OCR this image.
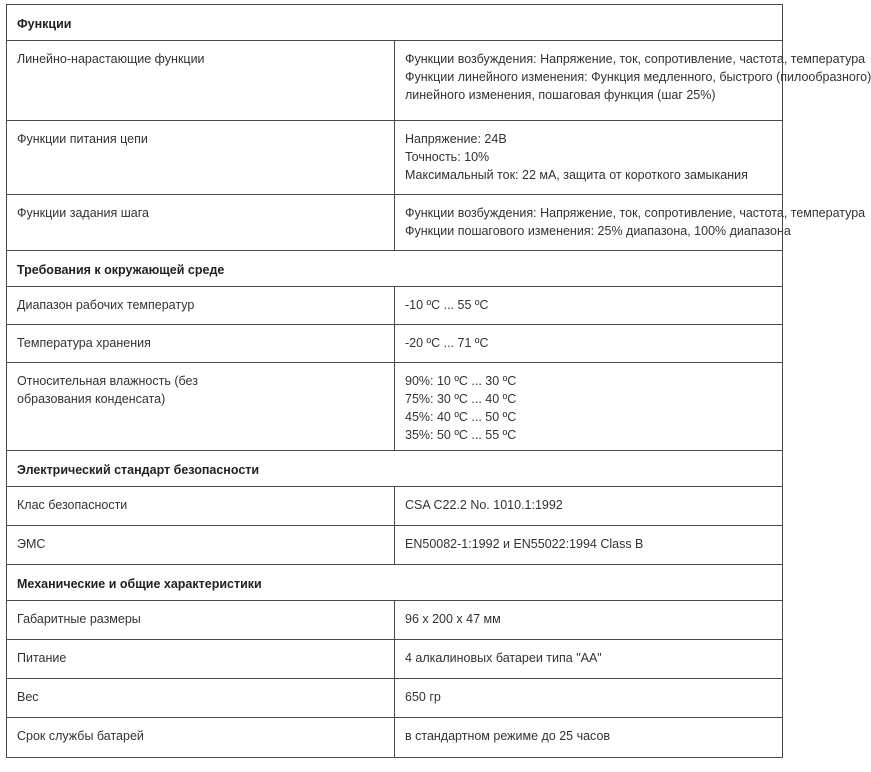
Функции	

Линейно-нарастающие функции	Функции возбуждения: Напряжение, ток, сопротивление, частота, температура
Функции линейного изменения: Функция медленного, быстрого (пилообразного)
линейного изменения, пошаговая функция (шаг 25%)

Функции питания цепи	Напряжение: 24В
Точность: 10%
Максимальный ток: 22 мА, защита от короткого замыкания

Функции задания шага	Функции возбуждения: Напряжение, ток, сопротивление, частота, температура
Функции пошагового изменения: 25% диапазона, 100% диапазона

Требования к окружающей среде	

Диапазон рабочих температур	-10 ºC ... 55 ºC

Температура хранения	-20 ºC ... 71 ºC

Относительная влажность (без
образования конденсата)	90%: 10 ºC ... 30 ºC
75%: 30 ºC ... 40 ºC
45%: 40 ºC ... 50 ºC
35%: 50 ºC ... 55 ºC

Электрический стандарт безопасности	

Клас безопасности	CSA C22.2 No. 1010.1:1992

ЭМС	EN50082-1:1992 и EN55022:1994 Class B

Механические и общие характеристики	

Габаритные размеры	96 x 200 x 47 мм

Питание	4 алкалиновых батареи типа "АА"

Вес	650 гр

Срок службы батарей	в стандартном режиме до 25 часов
